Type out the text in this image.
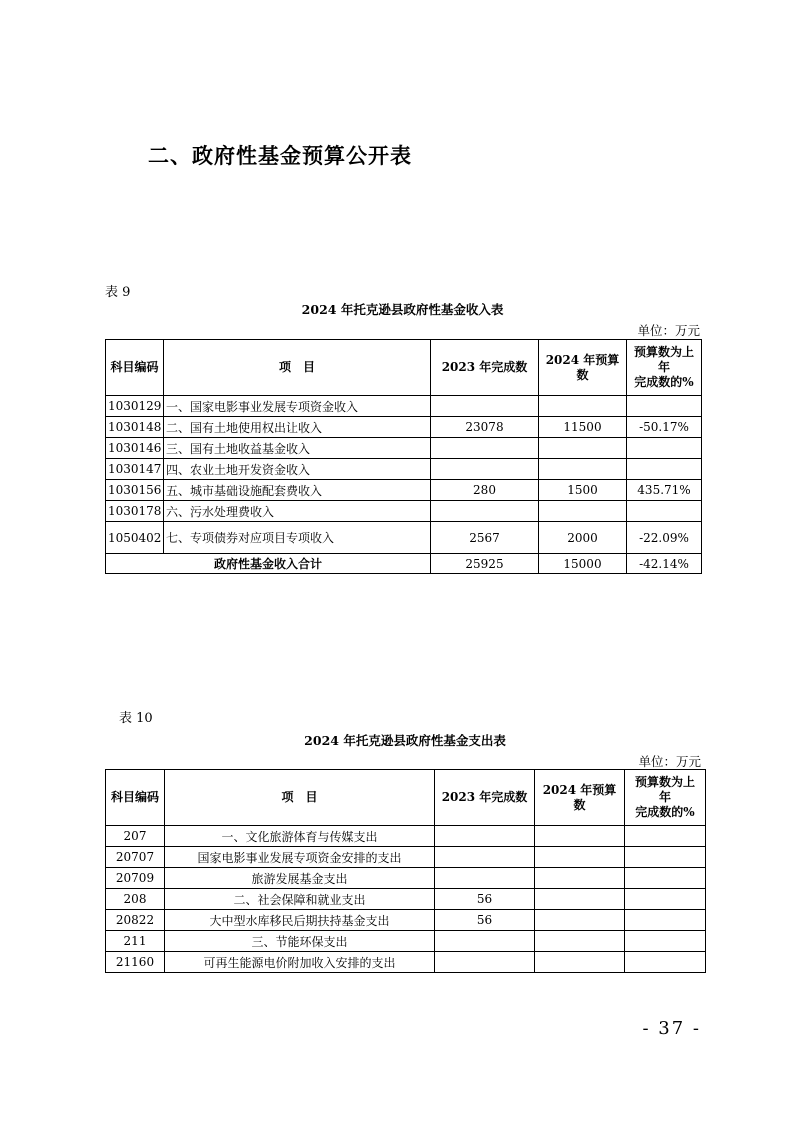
二、政府性基金预算公开表
表 9
2024 年托克逊县政府性基金收入表
单位：万元
科目编码	项　目	2023 年完成数	2024 年预算数	预算数为上
年
完成数的%

1030129	一、国家电影事业发展专项资金收入			
1030148	二、国有土地使用权出让收入	23078	11500	-50.17%
1030146	三、国有土地收益基金收入			
1030147	四、农业土地开发资金收入			
1030156	五、城市基础设施配套费收入	280	1500	435.71%
1030178	六、污水处理费收入			
1050402	七、专项债券对应项目专项收入	2567	2000	-22.09%
政府性基金收入合计		25925	15000	-42.14%
表 10
2024 年托克逊县政府性基金支出表
单位：万元
科目编码	项　目	2023 年完成数	2024 年预算数	预算数为上
年
完成数的%

207	一、文化旅游体育与传媒支出			
20707	国家电影事业发展专项资金安排的支出			
20709	旅游发展基金支出			
208	二、社会保障和就业支出	56		
20822	大中型水库移民后期扶持基金支出	56		
211	三、节能环保支出			
21160	可再生能源电价附加收入安排的支出			
- 37 -
